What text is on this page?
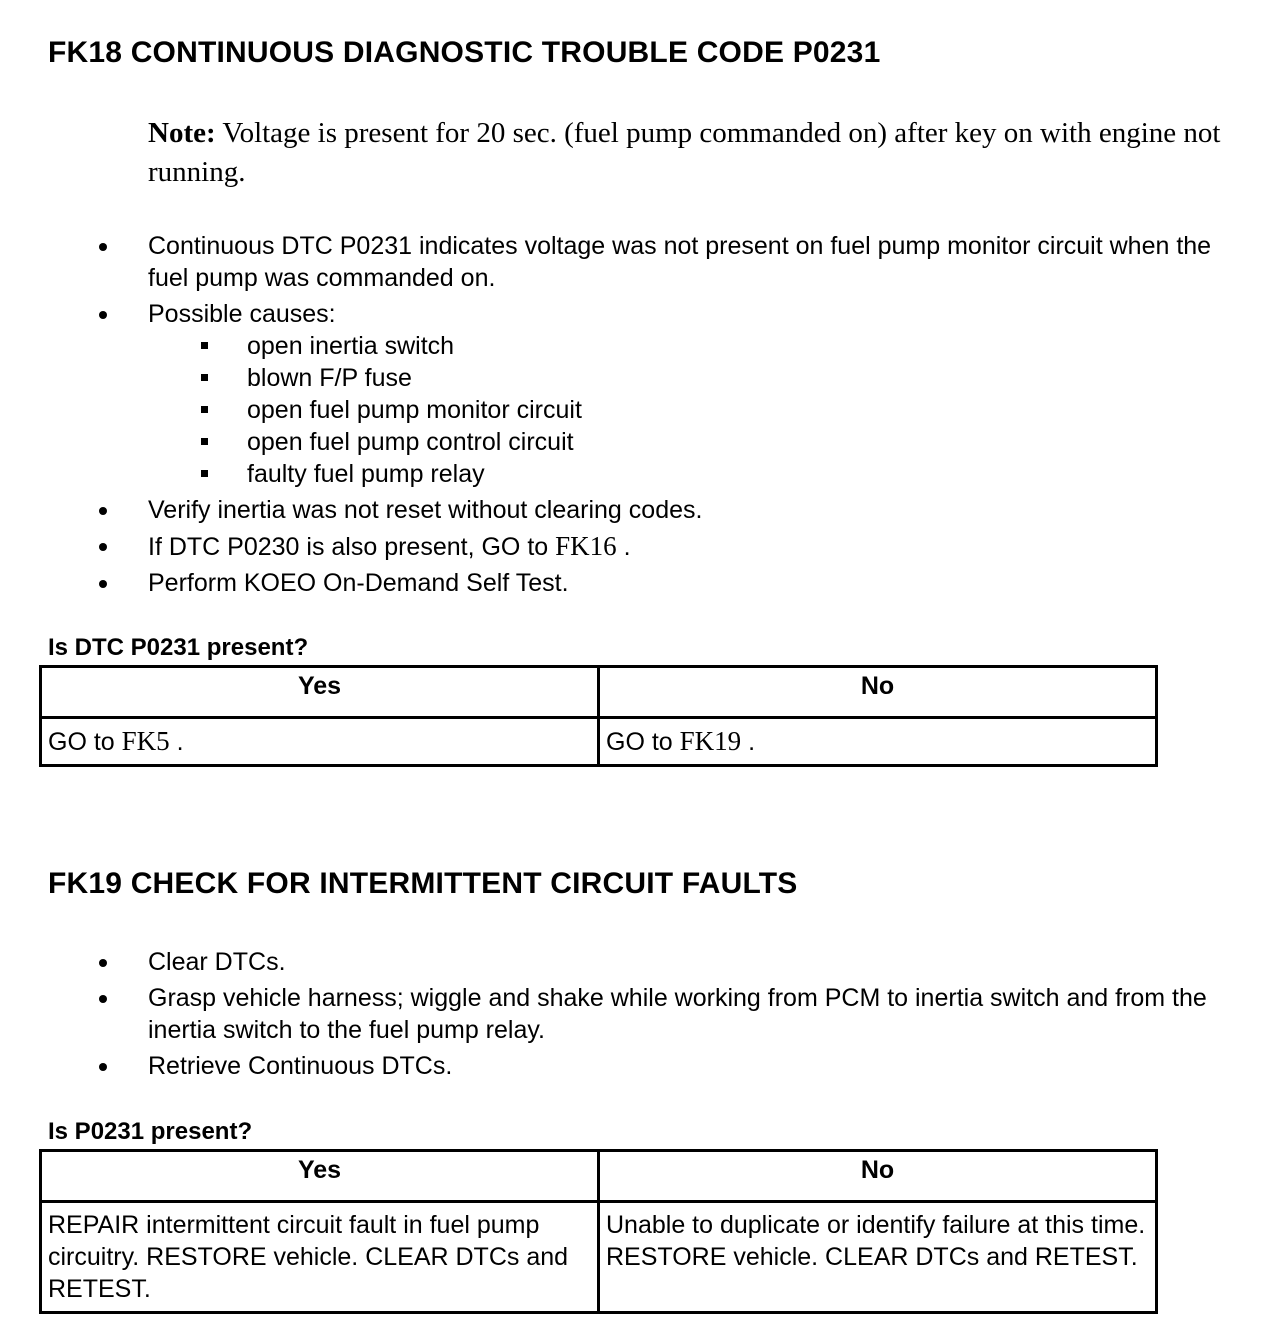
FK18 CONTINUOUS DIAGNOSTIC TROUBLE CODE P0231
Note: Voltage is present for 20 sec. (fuel pump commanded on) after key on with engine not running.
Continuous DTC P0231 indicates voltage was not present on fuel pump monitor circuit when the fuel pump was commanded on.
Possible causes:
open inertia switch
blown F/P fuse
open fuel pump monitor circuit
open fuel pump control circuit
faulty fuel pump relay
Verify inertia was not reset without clearing codes.
If DTC P0230 is also present, GO to FK16 .
Perform KOEO On-Demand Self Test.
Is DTC P0231 present?
Yes	No
GO to FK5 .	GO to FK19 .
FK19 CHECK FOR INTERMITTENT CIRCUIT FAULTS
Clear DTCs.
Grasp vehicle harness; wiggle and shake while working from PCM to inertia switch and from the inertia switch to the fuel pump relay.
Retrieve Continuous DTCs.
Is P0231 present?
Yes	No
REPAIR intermittent circuit fault in fuel pump circuitry. RESTORE vehicle. CLEAR DTCs and RETEST.	Unable to duplicate or identify failure at this time. RESTORE vehicle. CLEAR DTCs and RETEST.
